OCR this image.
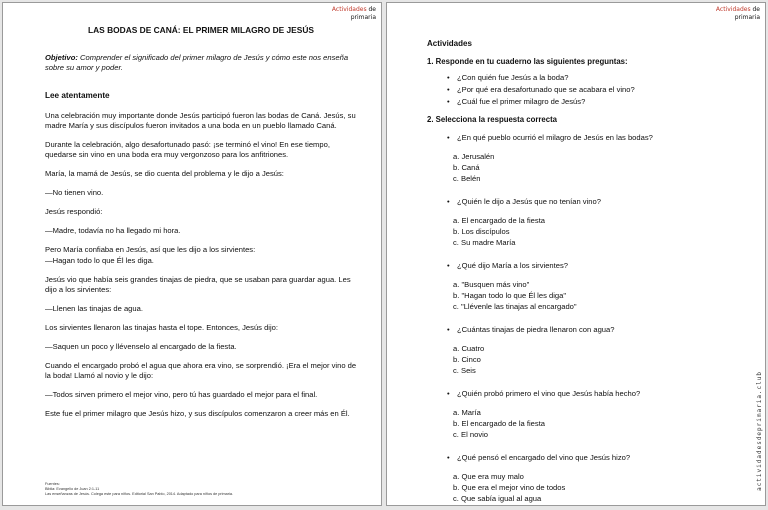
Actividades de
primaria
LAS BODAS DE CANÁ: EL PRIMER MILAGRO DE JESÚS
Objetivo: Comprender el significado del primer milagro de Jesús y cómo este nos enseña sobre su amor y poder.
Lee atentamente
Una celebración muy importante donde Jesús participó fueron las bodas de Caná. Jesús, su madre María y sus discípulos fueron invitados a una boda en un pueblo llamado Caná.
Durante la celebración, algo desafortunado pasó: ¡se terminó el vino! En ese tiempo, quedarse sin vino en una boda era muy vergonzoso para los anfitriones.
María, la mamá de Jesús, se dio cuenta del problema y le dijo a Jesús:
—No tienen vino.
Jesús respondió:
—Madre, todavía no ha llegado mi hora.
Pero María confiaba en Jesús, así que les dijo a los sirvientes:
—Hagan todo lo que Él les diga.
Jesús vio que había seis grandes tinajas de piedra, que se usaban para guardar agua. Les dijo a los sirvientes:
—Llenen las tinajas de agua.
Los sirvientes llenaron las tinajas hasta el tope. Entonces, Jesús dijo:
—Saquen un poco y llévenselo al encargado de la fiesta.
Cuando el encargado probó el agua que ahora era vino, se sorprendió. ¡Era el mejor vino de la boda! Llamó al novio y le dijo:
—Todos sirven primero el mejor vino, pero tú has guardado el mejor para el final.
Este fue el primer milagro que Jesús hizo, y sus discípulos comenzaron a creer más en Él.
Fuentes:
Biblia: Evangelio de Juan 2:1-11
Las enseñanzas de Jesús. Colega este para niños. Editorial San Pablo, 2014. Adaptado para niños de primaria.
Actividades de
primaria
actividadesdeprimaria.club
Actividades
1. Responde en tu cuaderno las siguientes preguntas:
• ¿Con quién fue Jesús a la boda?
• ¿Por qué era desafortunado que se acabara el vino?
• ¿Cuál fue el primer milagro de Jesús?
2. Selecciona la respuesta correcta
• ¿En qué pueblo ocurrió el milagro de Jesús en las bodas?
a. Jerusalén
b. Caná
c. Belén
• ¿Quién le dijo a Jesús que no tenían vino?
a. El encargado de la fiesta
b. Los discípulos
c. Su madre María
• ¿Qué dijo María a los sirvientes?
a. "Busquen más vino"
b. "Hagan todo lo que Él les diga"
c. "Llévenle las tinajas al encargado"
• ¿Cuántas tinajas de piedra llenaron con agua?
a. Cuatro
b. Cinco
c. Seis
• ¿Quién probó primero el vino que Jesús había hecho?
a. María
b. El encargado de la fiesta
c. El novio
• ¿Qué pensó el encargado del vino que Jesús hizo?
a. Que era muy malo
b. Que era el mejor vino de todos
c. Que sabía igual al agua
